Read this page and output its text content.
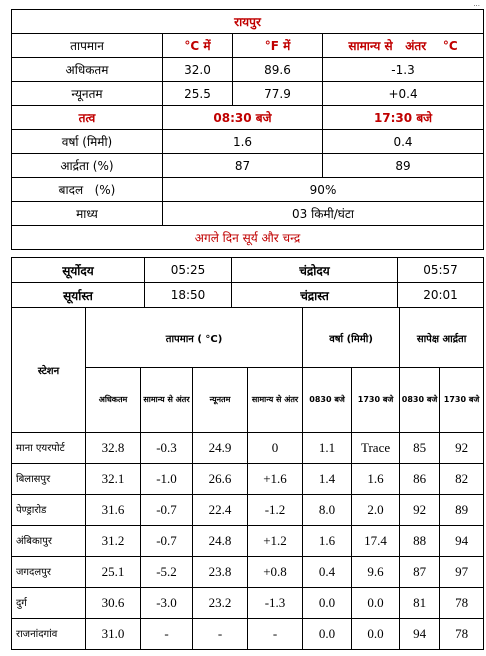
...
रायपुर			
तापमान	°C में	°F में	सामान्य से   अंतर    °C
अधिकतम	32.0	89.6	-1.3
न्यूनतम	25.5	77.9	+0.4
तत्व	08:30 बजे		17:30 बजे
वर्षा (मिमी)	1.6		0.4
आर्द्रता (%)	87		89
बादल   (%)	90%		
माध्य	03 किमी/घंटा		
अगले दिन सूर्य और चन्द्र			
सूर्योदय	05:25	चंद्रोदय	05:57
सूर्यास्त	18:50	चंद्रास्त	20:01
स्टेशन	तापमान ( °C)				वर्षा (मिमी)		सापेक्ष आर्द्रता	
	अधिकतम	सामान्य से अंतर	न्यूनतम	सामान्य से अंतर	0830 बजे	1730 बजे	0830 बजे	1730 बजे
माना एयरपोर्ट	32.8	-0.3	24.9	0	1.1	Trace	85	92
बिलासपुर	32.1	-1.0	26.6	+1.6	1.4	1.6	86	82
पेण्ड्रारोड	31.6	-0.7	22.4	-1.2	8.0	2.0	92	89
अंबिकापुर	31.2	-0.7	24.8	+1.2	1.6	17.4	88	94
जगदलपुर	25.1	-5.2	23.8	+0.8	0.4	9.6	87	97
दुर्ग	30.6	-3.0	23.2	-1.3	0.0	0.0	81	78
राजनांदगांव	31.0	-	-	-	0.0	0.0	94	78
